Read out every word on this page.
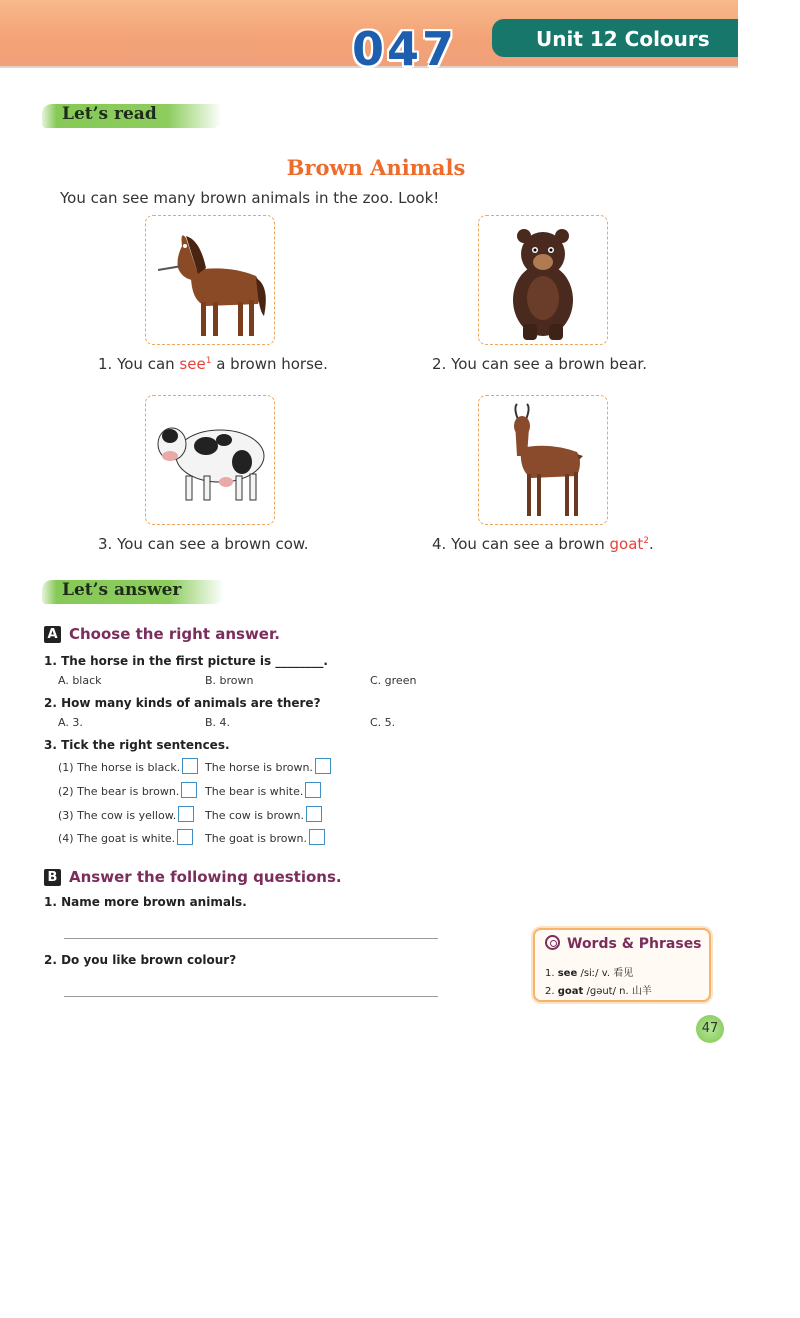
047	Unit 12 Colours
Let’s read
Brown Animals
You can see many brown animals in the zoo. Look!
1. You can see$^1$ a brown horse.	2. You can see a brown bear.
3. You can see a brown cow.	4. You can see a brown goat$^2$.
Let’s answer
A Choose the right answer.
1. The horse in the first picture is ________.
A. black	B. brown	C. green
2. How many kinds of animals are there?
A. 3.	B. 4.	C. 5.
3. Tick the right sentences.
(1) The horse is black.	The horse is brown.
(2) The bear is brown.	The bear is white.
(3) The cow is yellow.	The cow is brown.
(4) The goat is white.	The goat is brown.
B Answer the following questions.
1. Name more brown animals.
2. Do you like brown colour?
Words & Phrases
1. see /siː/ v. 看见
2. goat /ɡəut/ n. 山羊
47
